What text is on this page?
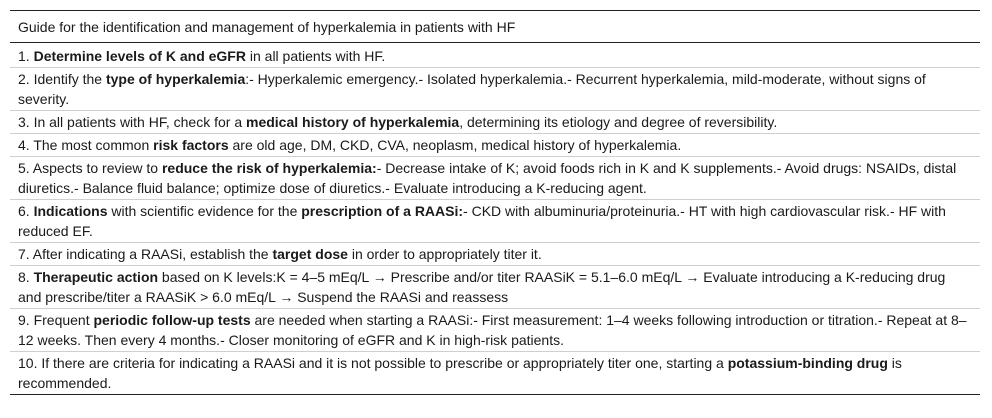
Guide for the identification and management of hyperkalemia in patients with HF

1. Determine levels of K and eGFR in all patients with HF.
2. Identify the type of hyperkalemia:- Hyperkalemic emergency.- Isolated hyperkalemia.- Recurrent hyperkalemia, mild-moderate, without signs of severity.
3. In all patients with HF, check for a medical history of hyperkalemia, determining its etiology and degree of reversibility.
4. The most common risk factors are old age, DM, CKD, CVA, neoplasm, medical history of hyperkalemia.
5. Aspects to review to reduce the risk of hyperkalemia:- Decrease intake of K; avoid foods rich in K and K supplements.- Avoid drugs: NSAIDs, distal diuretics.- Balance fluid balance; optimize dose of diuretics.- Evaluate introducing a K-reducing agent.
6. Indications with scientific evidence for the prescription of a RAASi:- CKD with albuminuria/proteinuria.- HT with high cardiovascular risk.- HF with reduced EF.
7. After indicating a RAASi, establish the target dose in order to appropriately titer it.
8. Therapeutic action based on K levels:K = 4–5 mEq/L → Prescribe and/or titer RAASiK = 5.1–6.0 mEq/L → Evaluate introducing a K-reducing drug and prescribe/titer a RAASiK > 6.0 mEq/L → Suspend the RAASi and reassess
9. Frequent periodic follow-up tests are needed when starting a RAASi:- First measurement: 1–4 weeks following introduction or titration.- Repeat at 8–12 weeks. Then every 4 months.- Closer monitoring of eGFR and K in high-risk patients.
10. If there are criteria for indicating a RAASi and it is not possible to prescribe or appropriately titer one, starting a potassium-binding drug is recommended.
